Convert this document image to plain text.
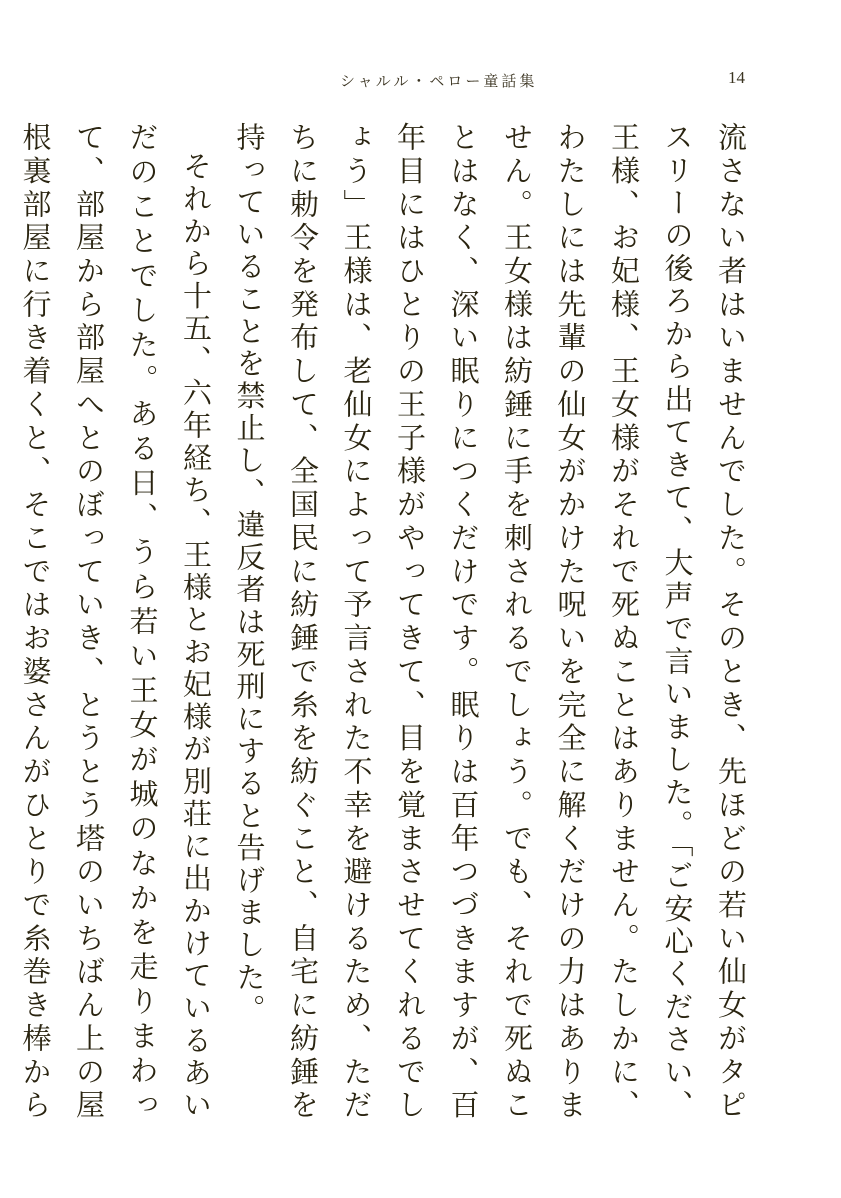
シャルル・ペロー童話集	14

流さない者はいませんでした。そのとき、先ほどの若い仙女がタピスリーの後ろから出てきて、大声で言いました。「ご安心ください、王様、お妃様、王女様がそれで死ぬことはありません。たしかに、わたしには先輩の仙女がかけた呪いを完全に解くだけの力はありません。王女様は紡錘に手を刺されるでしょう。でも、それで死ぬことはなく、深い眠りにつくだけです。眠りは百年つづきますが、百年目にはひとりの王子様がやってきて、目を覚まさせてくれるでしょう」王様は、老仙女によって予言された不幸を避けるため、ただちに勅令を発布して、全国民に紡錘で糸を紡ぐこと、自宅に紡錘を持っていることを禁止し、違反者は死刑にすると告げました。

それから十五、六年経ち、王様とお妃様が別荘に出かけているあいだのことでした。ある日、うら若い王女が城のなかを走りまわって、部屋から部屋へとのぼっていき、とうとう塔のいちばん上の屋根裏部屋に行き着くと、そこではお婆さんがひとりで糸巻き棒から
